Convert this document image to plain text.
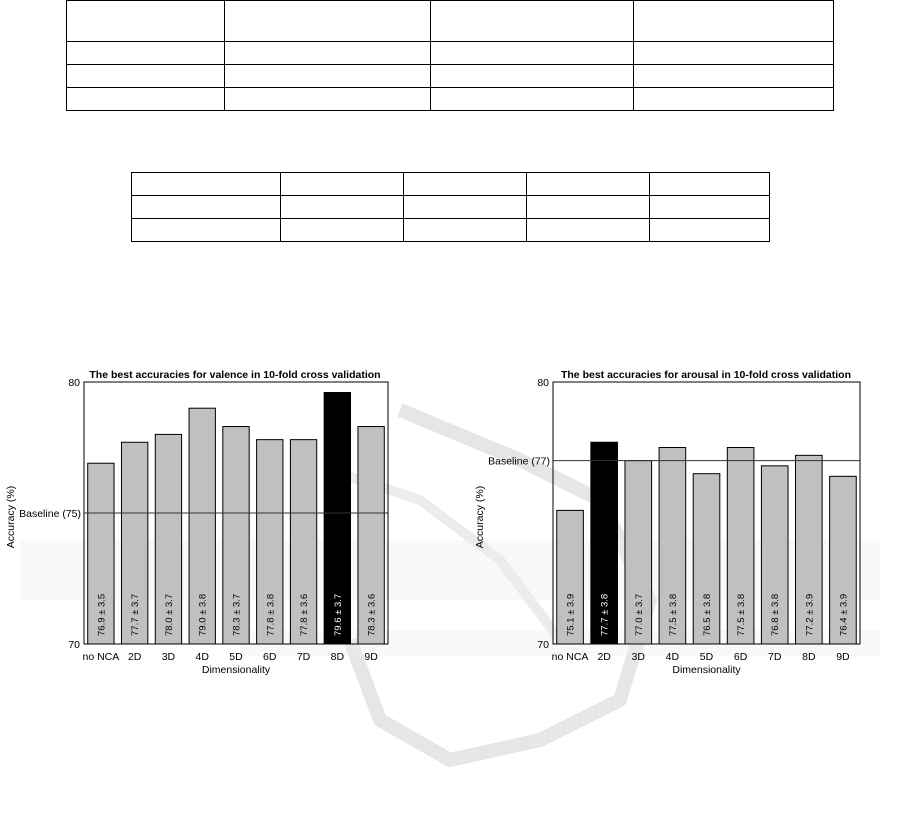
The best accuracies for valence in 10-fold cross validation
76.9 ± 3.5 77.7 ± 3.7 78.0 ± 3.7 79.0 ± 3.8 78.3 ± 3.7 77.8 ± 3.8 77.8 ± 3.6 79.6 ± 3.7 78.3 ± 3.6
Baseline (75)
80
70
no NCA 2D 3D 4D 5D 6D 7D 8D 9D
Dimensionality
Accuracy (%)
The best accuracies for arousal in 10-fold cross validation
75.1 ± 3.9 77.7 ± 3.8 77.0 ± 3.7 77.5 ± 3.8 76.5 ± 3.8 77.5 ± 3.8 76.8 ± 3.8 77.2 ± 3.9 76.4 ± 3.9
Baseline (77)
80
70
no NCA 2D 3D 4D 5D 6D 7D 8D 9D
Dimensionality
Accuracy (%)
